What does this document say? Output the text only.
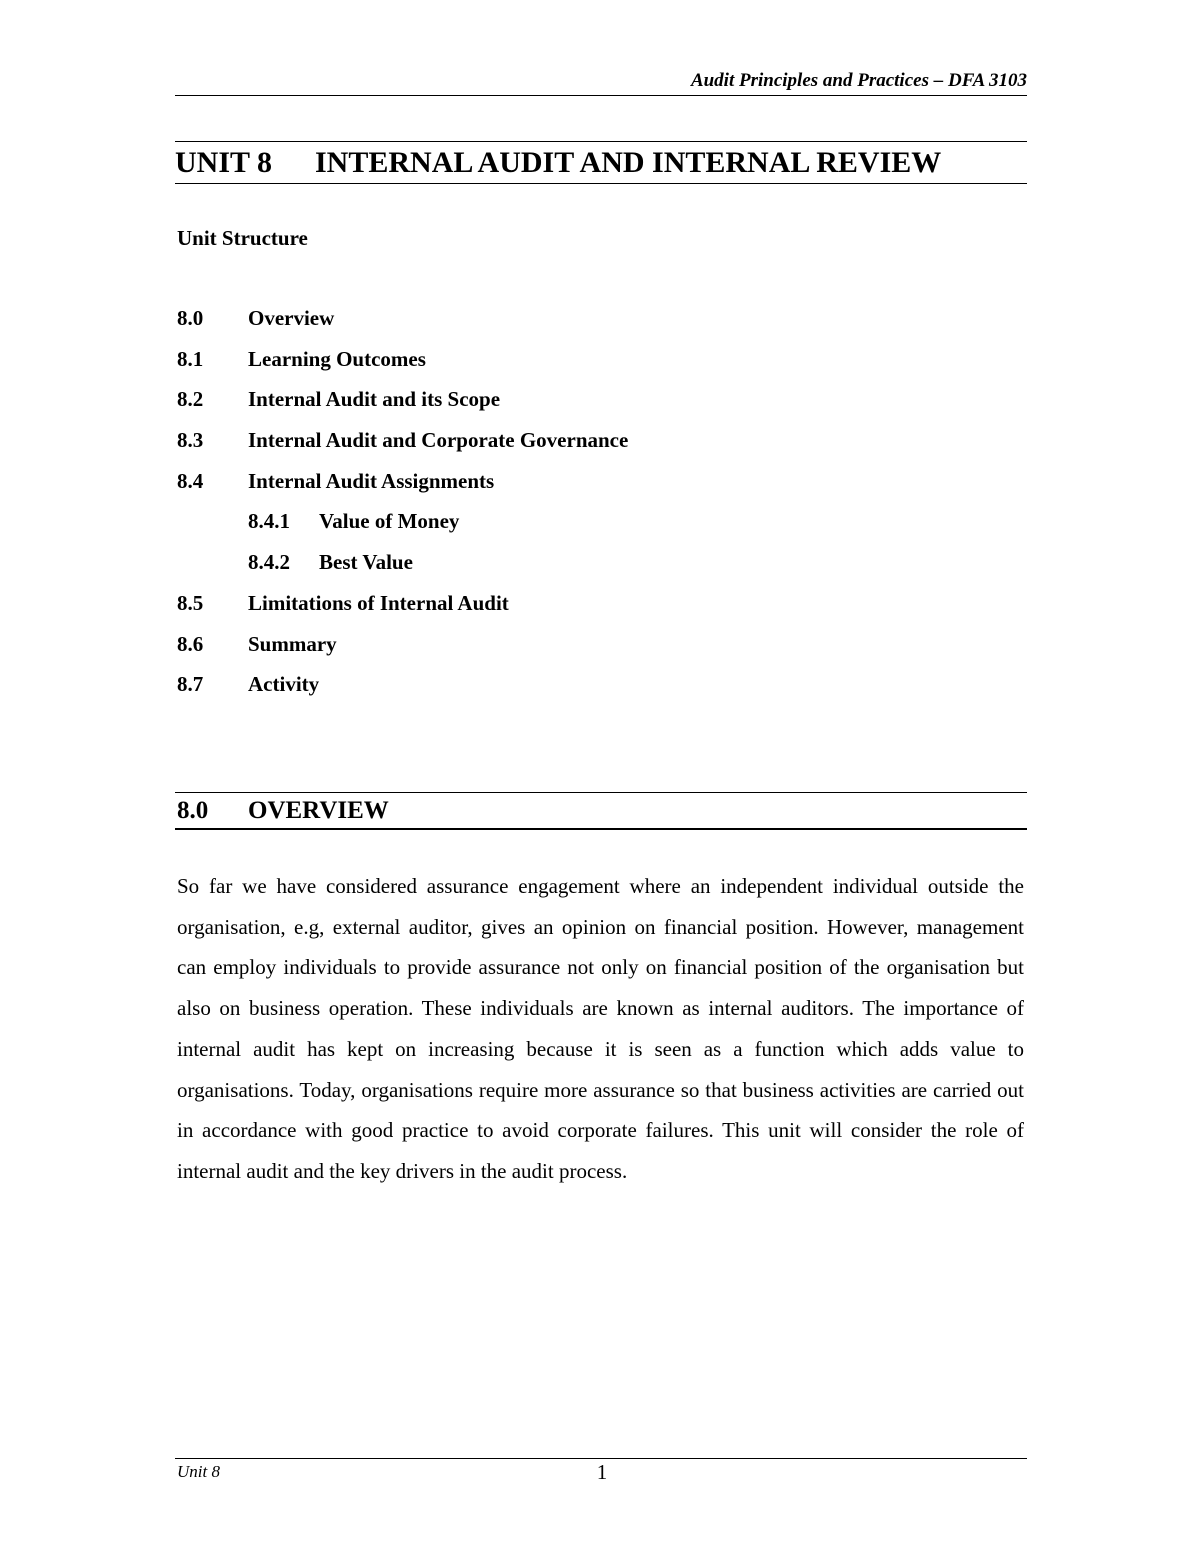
Audit Principles and Practices – DFA 3103
UNIT 8 INTERNAL AUDIT AND INTERNAL REVIEW
Unit Structure
8.0 Overview
8.1 Learning Outcomes
8.2 Internal Audit and its Scope
8.3 Internal Audit and Corporate Governance
8.4 Internal Audit Assignments
8.4.1 Value of Money
8.4.2 Best Value
8.5 Limitations of Internal Audit
8.6 Summary
8.7 Activity
8.0 OVERVIEW

So far we have considered assurance engagement where an independent individual outside the organisation, e.g, external auditor, gives an opinion on financial position. However, management can employ individuals to provide assurance not only on financial position of the organisation but also on business operation. These individuals are known as internal auditors. The importance of internal audit has kept on increasing because it is seen as a function which adds value to organisations. Today, organisations require more assurance so that business activities are carried out in accordance with good practice to avoid corporate failures. This unit will consider the role of internal audit and the key drivers in the audit process.

Unit 8	1
